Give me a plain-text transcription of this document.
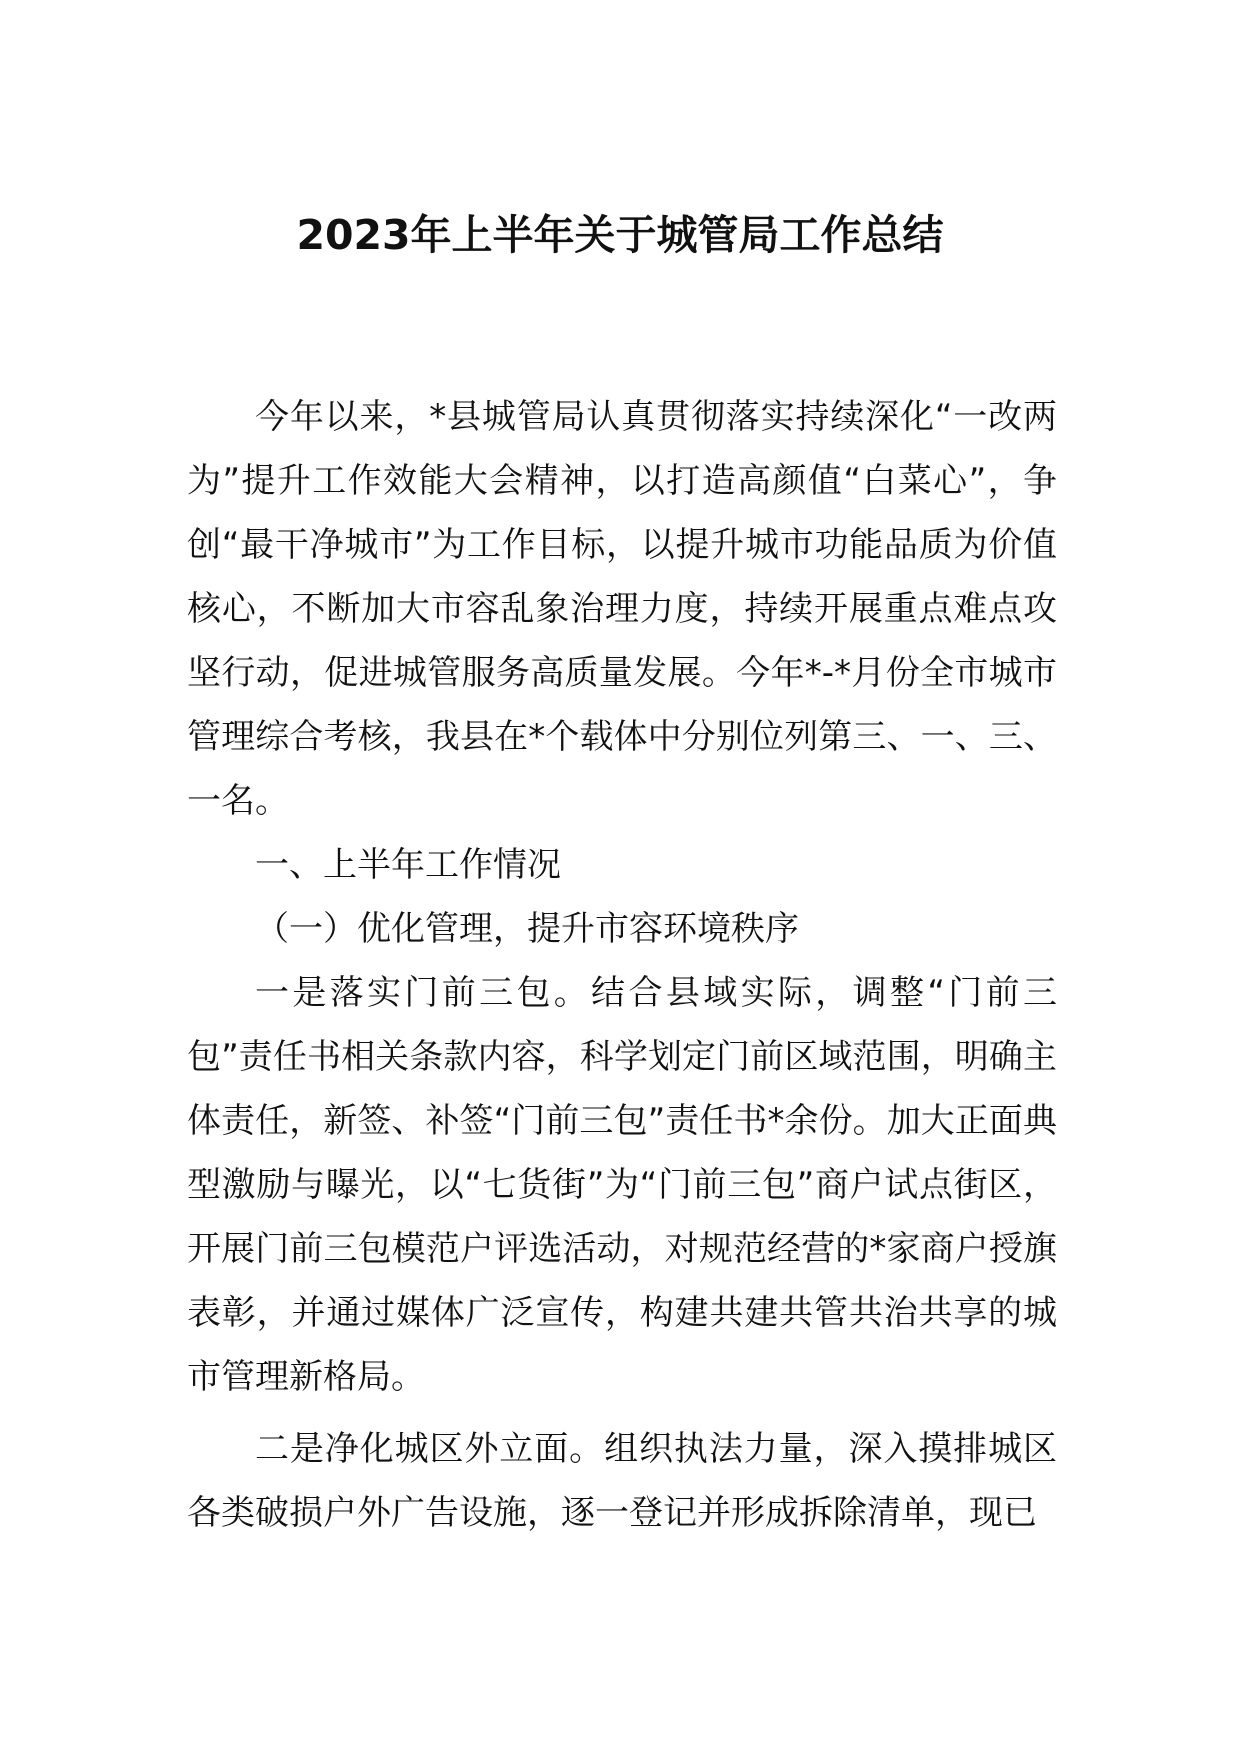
2023年上半年关于城管局工作总结

今年以来，*县城管局认真贯彻落实持续深化“一改两为”提升工作效能大会精神，以打造高颜值“白菜心”，争创“最干净城市”为工作目标，以提升城市功能品质为价值核心，不断加大市容乱象治理力度，持续开展重点难点攻坚行动，促进城管服务高质量发展。今年*-*月份全市城市管理综合考核，我县在*个载体中分别位列第三、一、三、一名。

一、上半年工作情况

（一）优化管理，提升市容环境秩序

一是落实门前三包。结合县域实际，调整“门前三包”责任书相关条款内容，科学划定门前区域范围，明确主体责任，新签、补签“门前三包”责任书*余份。加大正面典型激励与曝光，以“七货街”为“门前三包”商户试点街区，开展门前三包模范户评选活动，对规范经营的*家商户授旗表彰，并通过媒体广泛宣传，构建共建共管共治共享的城市管理新格局。

二是净化城区外立面。组织执法力量，深入摸排城区各类破损户外广告设施，逐一登记并形成拆除清单，现已
